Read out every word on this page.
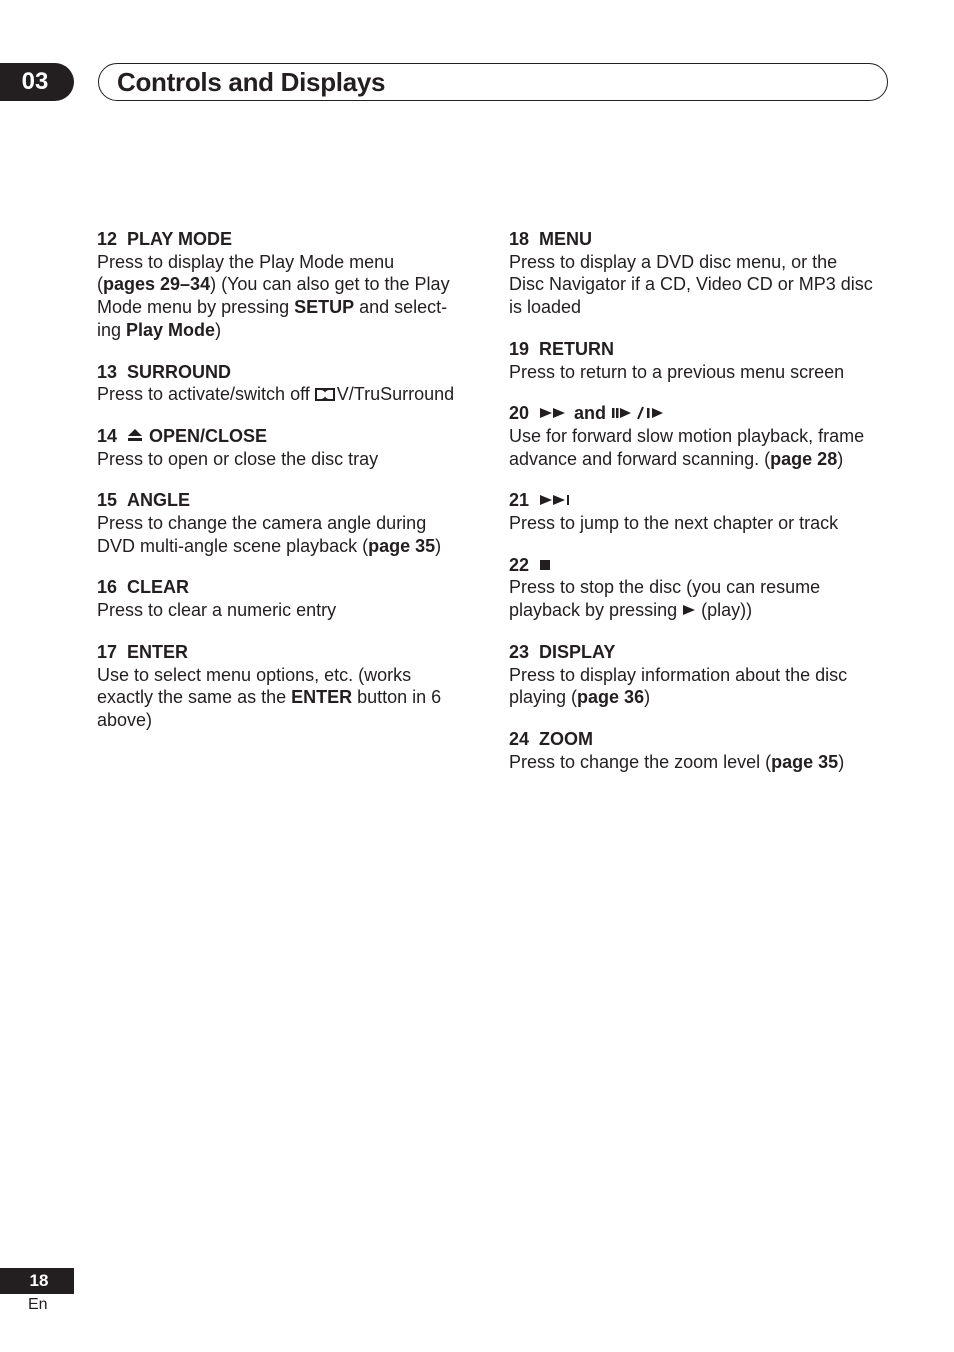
03	Controls and Displays
12 PLAY MODE
Press to display the Play Mode menu
(pages 29–34) (You can also get to the Play
Mode menu by pressing SETUP and select-
ing Play Mode)
13 SURROUND
Press to activate/switch off V/TruSurround
14 OPEN/CLOSE
Press to open or close the disc tray
15 ANGLE
Press to change the camera angle during
DVD multi-angle scene playback (page 35)
16 CLEAR
Press to clear a numeric entry
17 ENTER
Use to select menu options, etc. (works
exactly the same as the ENTER button in 6
above)
18 MENU
Press to display a DVD disc menu, or the
Disc Navigator if a CD, Video CD or MP3 disc
is loaded
19 RETURN
Press to return to a previous menu screen
20	and
Use for forward slow motion playback, frame
advance and forward scanning. (page 28)
21
Press to jump to the next chapter or track
22
Press to stop the disc (you can resume
playback by pressing  (play))
23 DISPLAY
Press to display information about the disc
playing (page 36)
24 ZOOM
Press to change the zoom level (page 35)
18
En
